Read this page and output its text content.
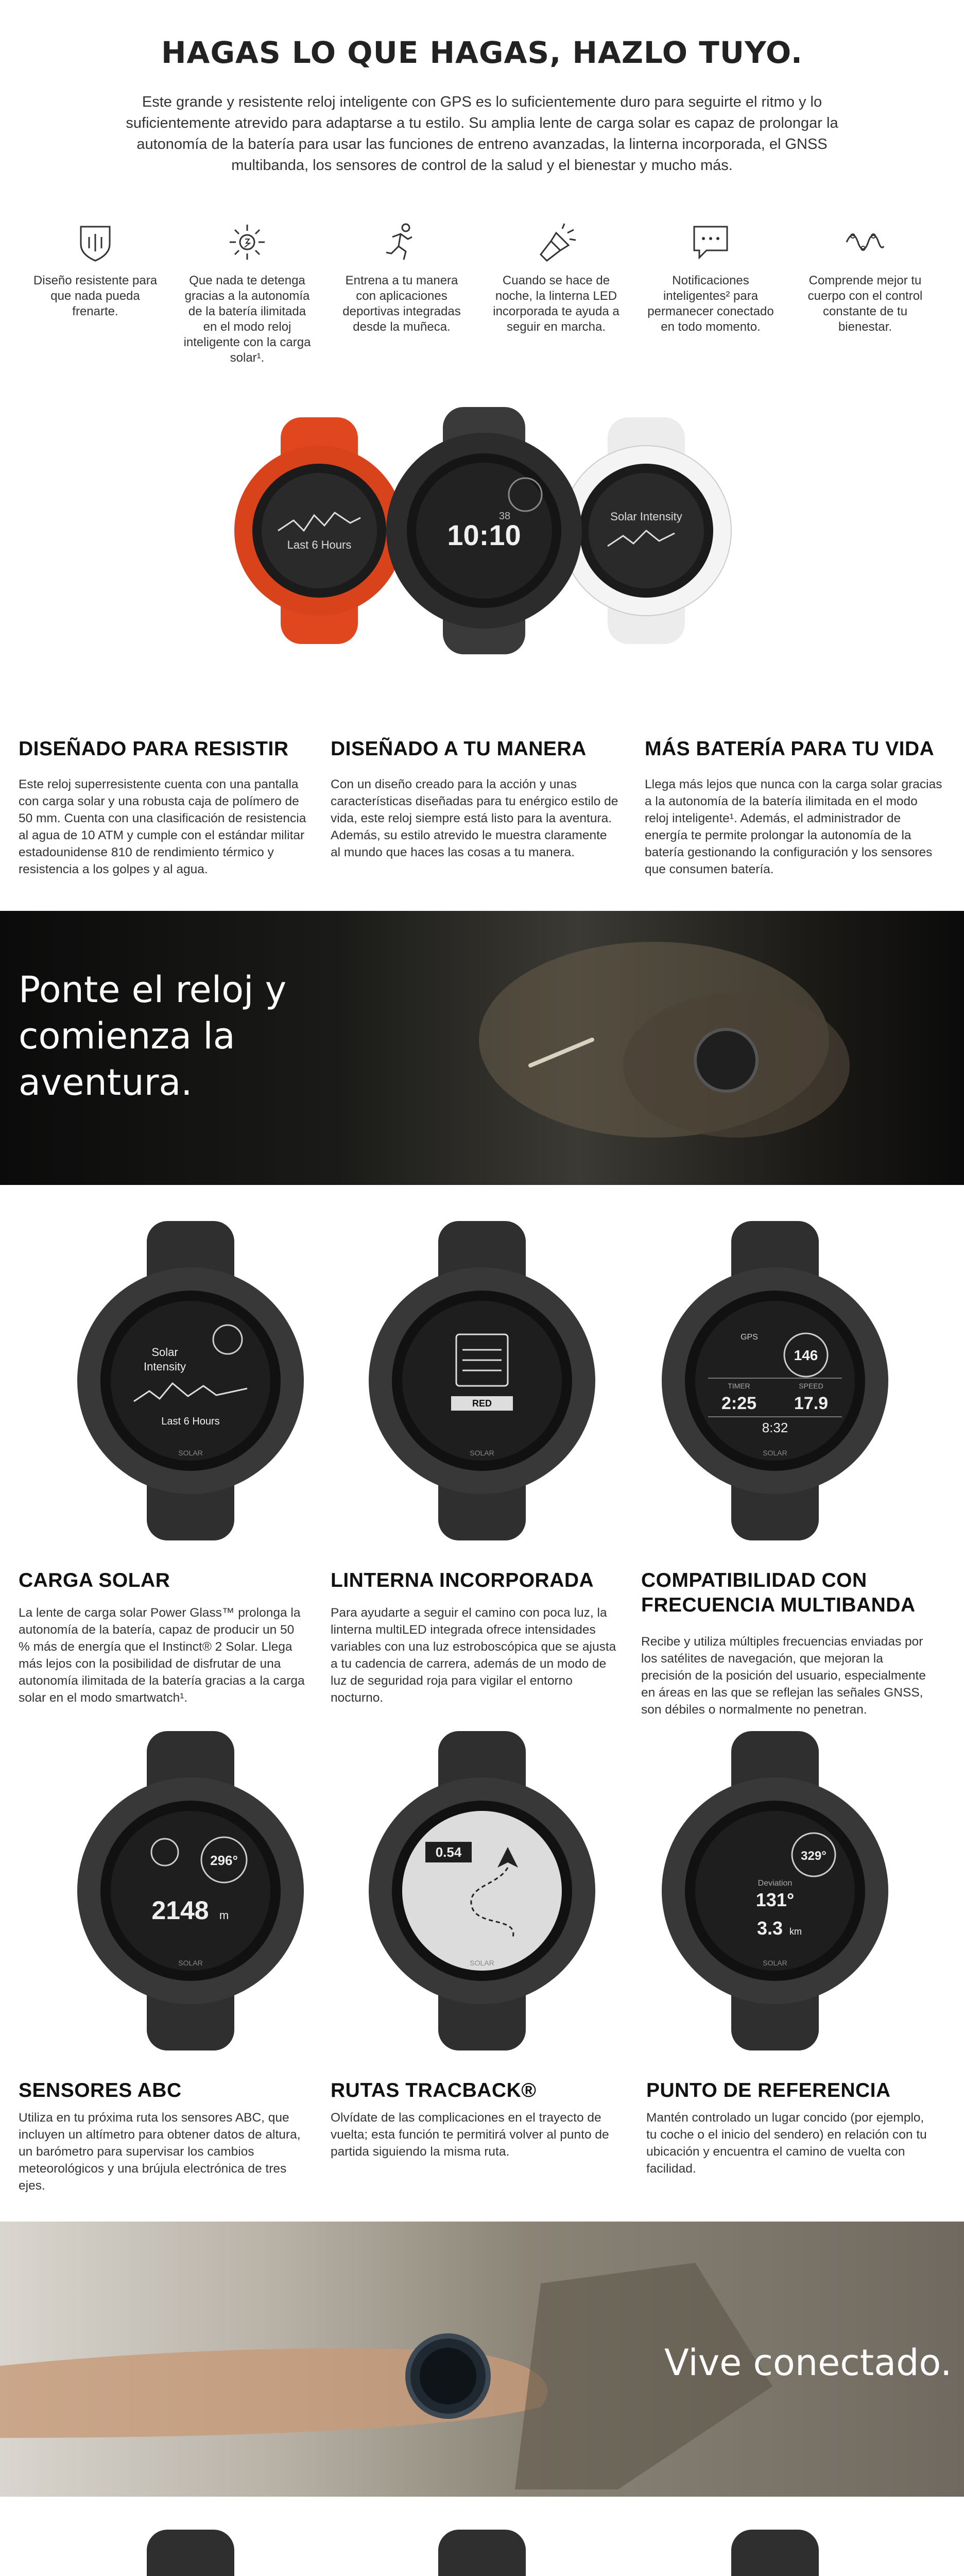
HAGAS LO QUE HAGAS, HAZLO TUYO.

Este grande y resistente reloj inteligente con GPS es lo suficientemente duro para seguirte el ritmo y lo suficientemente atrevido para adaptarse a tu estilo. Su amplia lente de carga solar es capaz de prolongar la autonomía de la batería para usar las funciones de entreno avanzadas, la linterna incorporada, el GNSS multibanda, los sensores de control de la salud y el bienestar y mucho más.

Diseño resistente para que nada pueda frenarte.

Que nada te detenga gracias a la autonomía de la batería ilimitada en el modo reloj inteligente con la carga solar¹.

Entrena a tu manera con aplicaciones deportivas integradas desde la muñeca.

Cuando se hace de noche, la linterna LED incorporada te ayuda a seguir en marcha.

Notificaciones inteligentes² para permanecer conectado en todo momento.

Comprende mejor tu cuerpo con el control constante de tu bienestar.

Last 6 Hours
Solar Intensity
10:10
38
DISEÑADO PARA RESISTIR

Este reloj superresistente cuenta con una pantalla con carga solar y una robusta caja de polímero de 50 mm. Cuenta con una clasificación de resistencia al agua de 10 ATM y cumple con el estándar militar estadounidense 810 de rendimiento térmico y resistencia a los golpes y al agua.

DISEÑADO A TU MANERA

Con un diseño creado para la acción y unas características diseñadas para tu enérgico estilo de vida, este reloj siempre está listo para la aventura. Además, su estilo atrevido le muestra claramente al mundo que haces las cosas a tu manera.

MÁS BATERÍA PARA TU VIDA

Llega más lejos que nunca con la carga solar gracias a la autonomía de la batería ilimitada en el modo reloj inteligente¹. Además, el administrador de energía te permite prolongar la autonomía de la batería gestionando la configuración y los sensores que consumen batería.

Ponte el reloj y comienza la aventura.
Solar
Intensity
Last 6 Hours
SOLAR
RED
SOLAR
GPS
146
TIMER
2:25
SPEED
17.9
8:32
SOLAR
CARGA SOLAR

La lente de carga solar Power Glass™ prolonga la autonomía de la batería, capaz de producir un 50 % más de energía que el Instinct® 2 Solar. Llega más lejos con la posibilidad de disfrutar de una autonomía ilimitada de la batería gracias a la carga solar en el modo smartwatch¹.

LINTERNA INCORPORADA

Para ayudarte a seguir el camino con poca luz, la linterna multiLED integrada ofrece intensidades variables con una luz estroboscópica que se ajusta a tu cadencia de carrera, además de un modo de luz de seguridad roja para vigilar el entorno nocturno.

COMPATIBILIDAD CON FRECUENCIA MULTIBANDA

Recibe y utiliza múltiples frecuencias enviadas por los satélites de navegación, que mejoran la precisión de la posición del usuario, especialmente en áreas en las que se reflejan las señales GNSS, son débiles o normalmente no penetran.

296°
2148 m
SOLAR
0.54
SOLAR
329°
Deviation
131°
3.3 km
SOLAR
SENSORES ABC

Utiliza en tu próxima ruta los sensores ABC, que incluyen un altímetro para obtener datos de altura, un barómetro para supervisar los cambios meteorológicos y una brújula electrónica de tres ejes.

RUTAS TRACBACK®

Olvídate de las complicaciones en el trayecto de vuelta; esta función te permitirá volver al punto de partida siguiendo la misma ruta.

PUNTO DE REFERENCIA

Mantén controlado un lugar concido (por ejemplo, tu coche o el inicio del sendero) en relación con tu ubicación y encuentra el camino de vuelta con facilidad.

Vive conectado.
